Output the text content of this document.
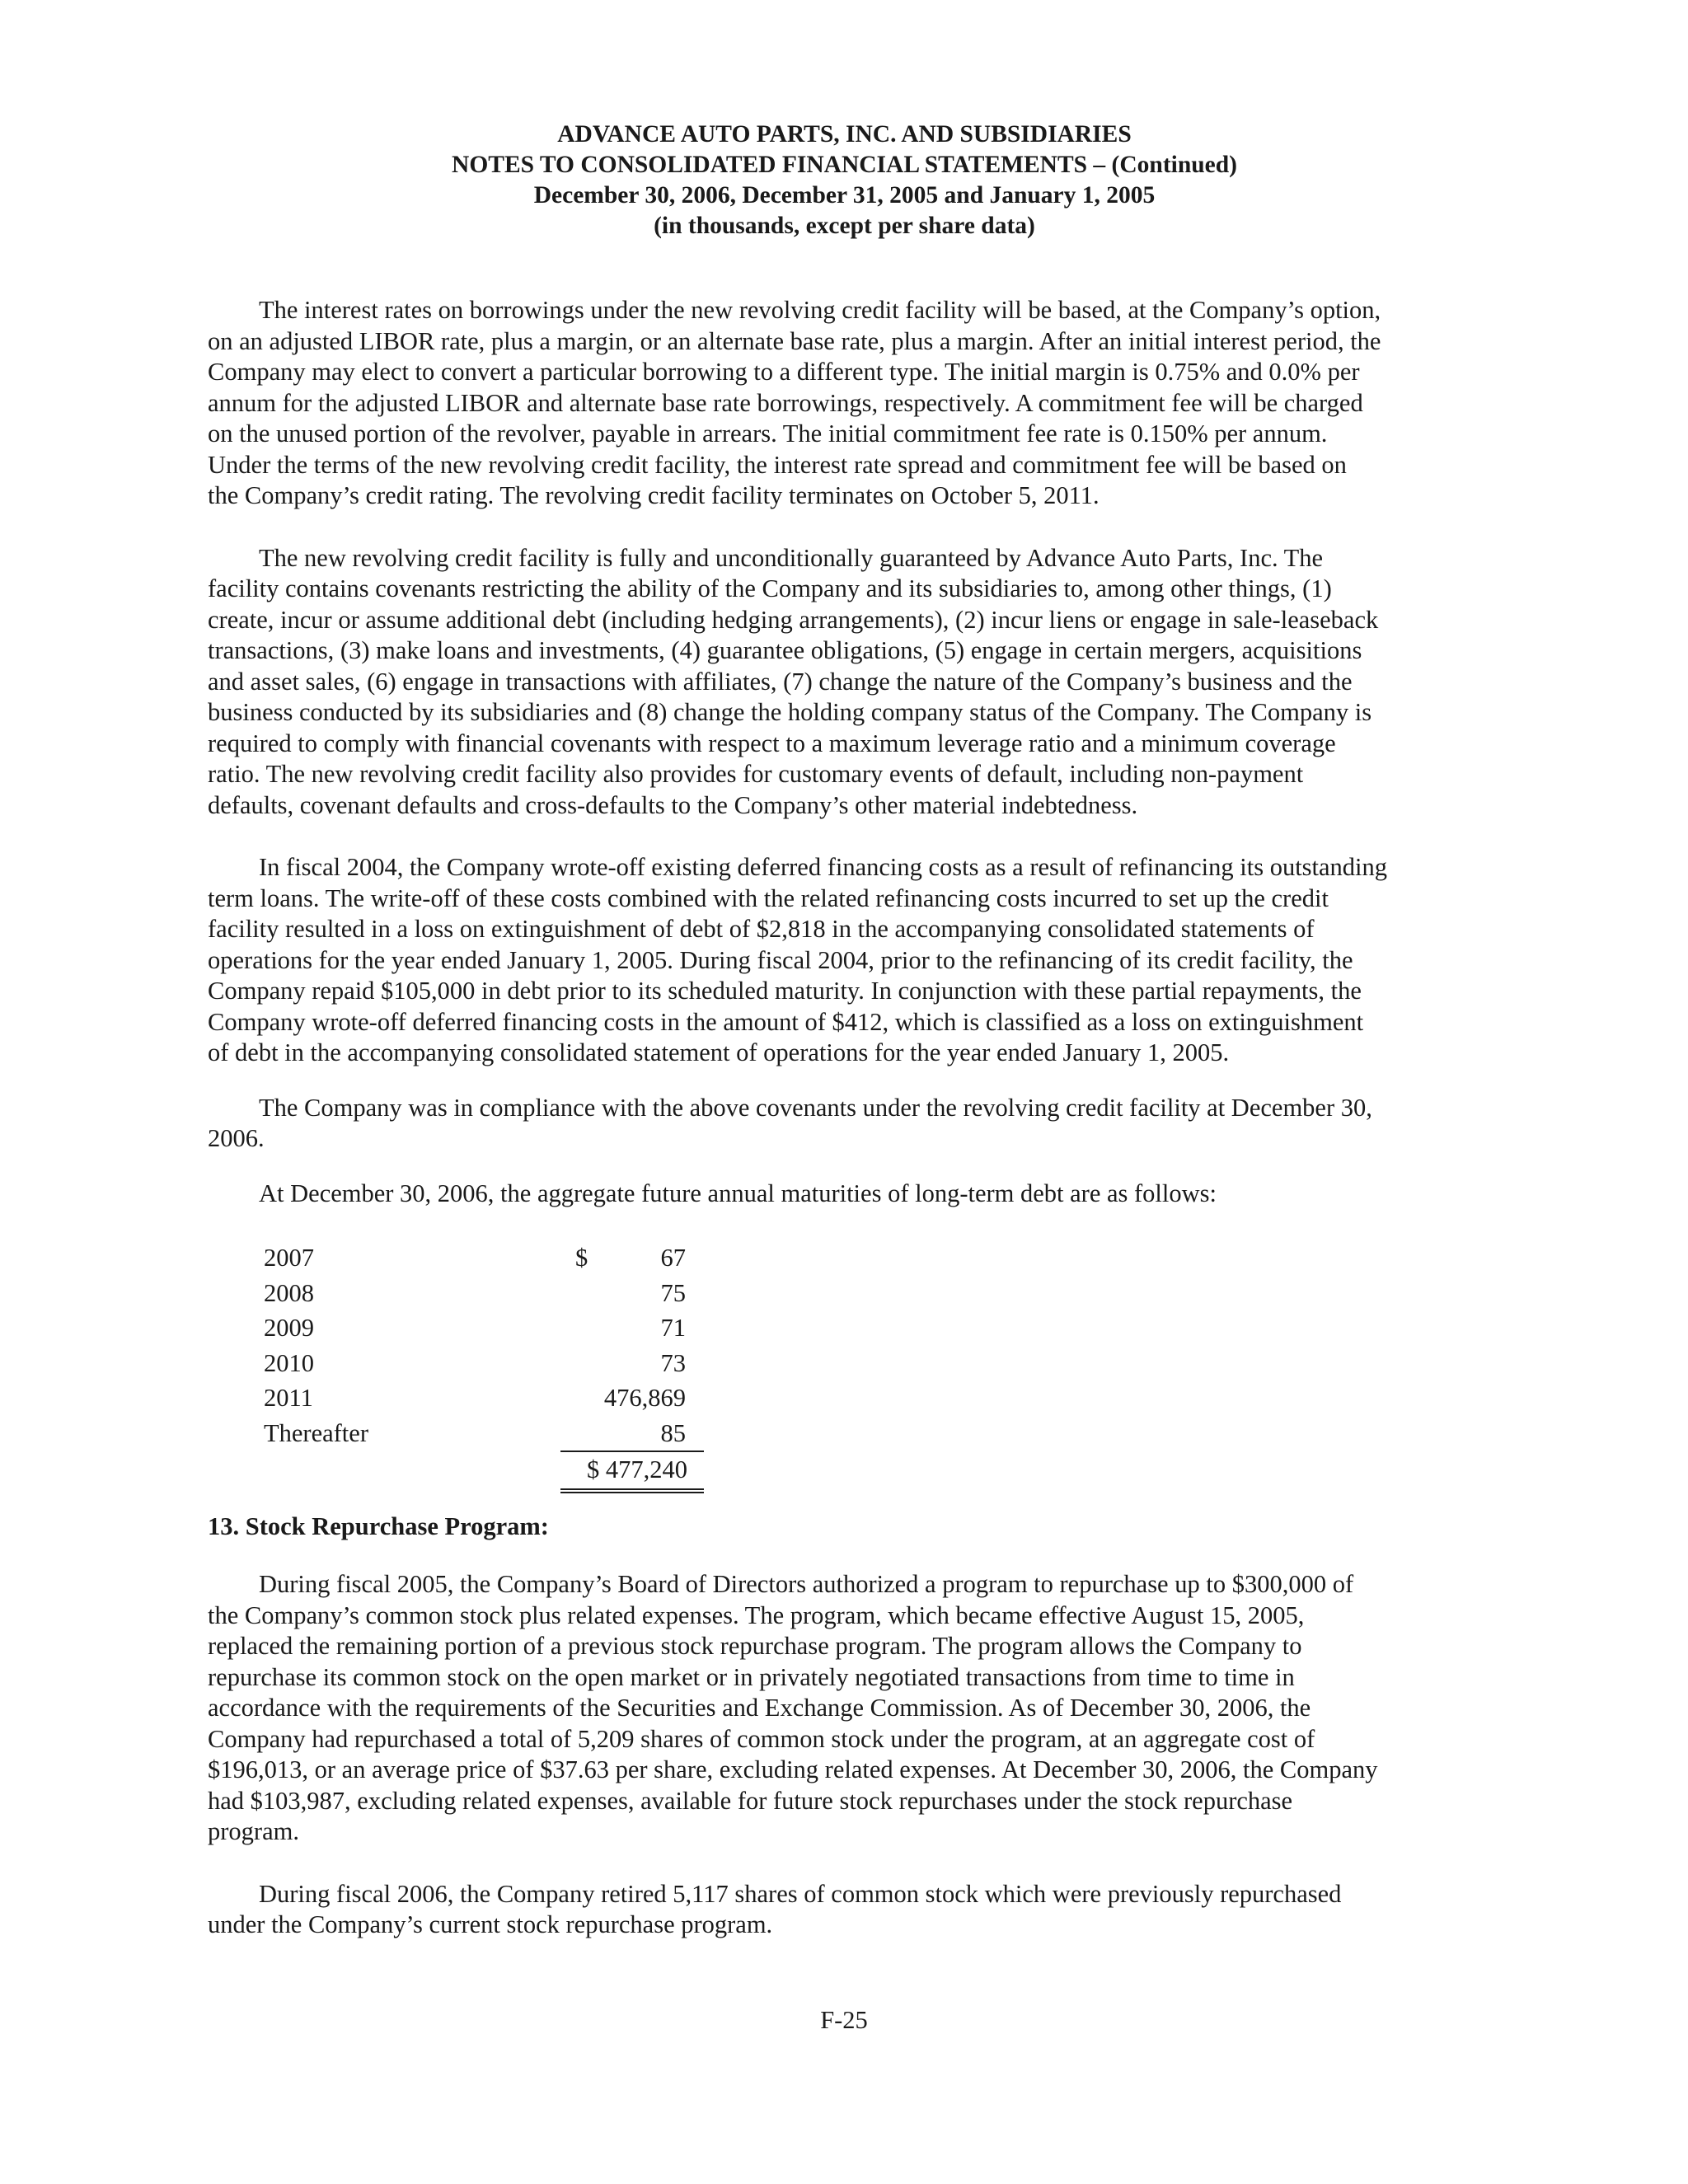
ADVANCE AUTO PARTS, INC. AND SUBSIDIARIES
NOTES TO CONSOLIDATED FINANCIAL STATEMENTS – (Continued)
December 30, 2006, December 31, 2005 and January 1, 2005
(in thousands, except per share data)

The interest rates on borrowings under the new revolving credit facility will be based, at the Company’s option,
on an adjusted LIBOR rate, plus a margin, or an alternate base rate, plus a margin. After an initial interest period, the
Company may elect to convert a particular borrowing to a different type. The initial margin is 0.75% and 0.0% per
annum for the adjusted LIBOR and alternate base rate borrowings, respectively. A commitment fee will be charged
on the unused portion of the revolver, payable in arrears. The initial commitment fee rate is 0.150% per annum.
Under the terms of the new revolving credit facility, the interest rate spread and commitment fee will be based on
the Company’s credit rating. The revolving credit facility terminates on October 5, 2011.

The new revolving credit facility is fully and unconditionally guaranteed by Advance Auto Parts, Inc. The
facility contains covenants restricting the ability of the Company and its subsidiaries to, among other things, (1)
create, incur or assume additional debt (including hedging arrangements), (2) incur liens or engage in sale-leaseback
transactions, (3) make loans and investments, (4) guarantee obligations, (5) engage in certain mergers, acquisitions
and asset sales, (6) engage in transactions with affiliates, (7) change the nature of the Company’s business and the
business conducted by its subsidiaries and (8) change the holding company status of the Company. The Company is
required to comply with financial covenants with respect to a maximum leverage ratio and a minimum coverage
ratio. The new revolving credit facility also provides for customary events of default, including non-payment
defaults, covenant defaults and cross-defaults to the Company’s other material indebtedness.

In fiscal 2004, the Company wrote-off existing deferred financing costs as a result of refinancing its outstanding
term loans. The write-off of these costs combined with the related refinancing costs incurred to set up the credit
facility resulted in a loss on extinguishment of debt of $2,818 in the accompanying consolidated statements of
operations for the year ended January 1, 2005. During fiscal 2004, prior to the refinancing of its credit facility, the
Company repaid $105,000 in debt prior to its scheduled maturity. In conjunction with these partial repayments, the
Company wrote-off deferred financing costs in the amount of $412, which is classified as a loss on extinguishment
of debt in the accompanying consolidated statement of operations for the year ended January 1, 2005.

The Company was in compliance with the above covenants under the revolving credit facility at December 30,
2006.

At December 30, 2006, the aggregate future annual maturities of long-term debt are as follows:

2007	$	67
2008	75
2009	71
2010	73
2011	476,869
Thereafter	85
$ 477,240

13. Stock Repurchase Program:

During fiscal 2005, the Company’s Board of Directors authorized a program to repurchase up to $300,000 of
the Company’s common stock plus related expenses. The program, which became effective August 15, 2005,
replaced the remaining portion of a previous stock repurchase program. The program allows the Company to
repurchase its common stock on the open market or in privately negotiated transactions from time to time in
accordance with the requirements of the Securities and Exchange Commission. As of December 30, 2006, the
Company had repurchased a total of 5,209 shares of common stock under the program, at an aggregate cost of
$196,013, or an average price of $37.63 per share, excluding related expenses. At December 30, 2006, the Company
had $103,987, excluding related expenses, available for future stock repurchases under the stock repurchase
program.

During fiscal 2006, the Company retired 5,117 shares of common stock which were previously repurchased
under the Company’s current stock repurchase program.

F-25
